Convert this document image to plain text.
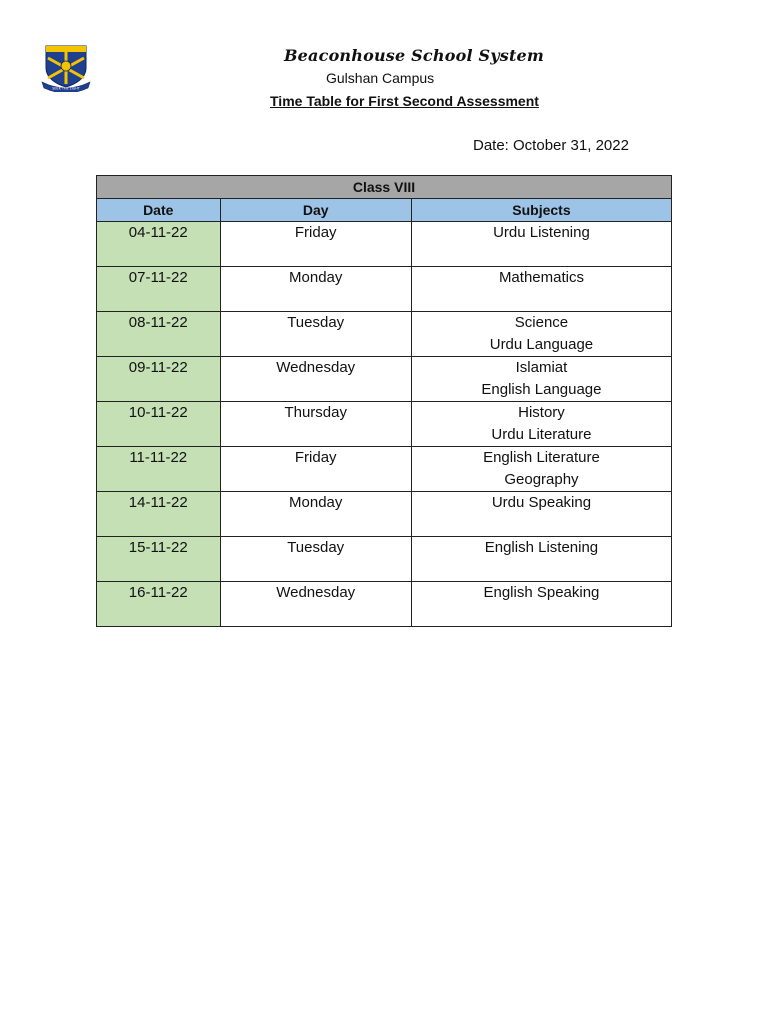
SEEK THE LIGHT
Beaconhouse School System
Gulshan Campus
Time Table for First Second Assessment
Date: October 31, 2022
Class VIII		
Date	Day	Subjects
04-11-22	Friday	Urdu Listening

07-11-22	Monday	Mathematics

08-11-22	Tuesday	Science
Urdu Language

09-11-22	Wednesday	Islamiat
English Language

10-11-22	Thursday	History
Urdu Literature

11-11-22	Friday	English Literature
Geography

14-11-22	Monday	Urdu Speaking

15-11-22	Tuesday	English Listening

16-11-22	Wednesday	English Speaking
